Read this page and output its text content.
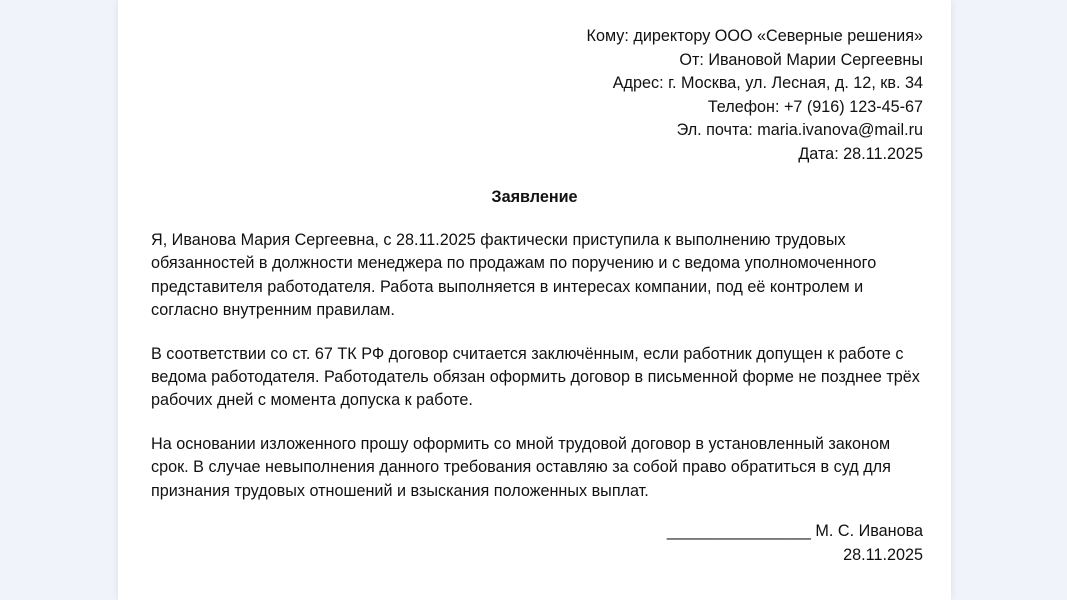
Кому: директору ООО «Северные решения»
От: Ивановой Марии Сергеевны
Адрес: г. Москва, ул. Лесная, д. 12, кв. 34
Телефон: +7 (916) 123-45-67
Эл. почта: maria.ivanova@mail.ru
Дата: 28.11.2025
Заявление

Я, Иванова Мария Сергеевна, с 28.11.2025 фактически приступила к выполнению трудовых обязанностей в должности менеджера по продажам по поручению и с ведома уполномоченного представителя работодателя. Работа выполняется в интересах компании, под её контролем и согласно внутренним правилам.

В соответствии со ст. 67 ТК РФ договор считается заключённым, если работник допущен к работе с ведома работодателя. Работодатель обязан оформить договор в письменной форме не позднее трёх рабочих дней с момента допуска к работе.

На основании изложенного прошу оформить со мной трудовой договор в установленный законом срок. В случае невыполнения данного требования оставляю за собой право обратиться в суд для признания трудовых отношений и взыскания положенных выплат.

________________ М. С. Иванова
28.11.2025
